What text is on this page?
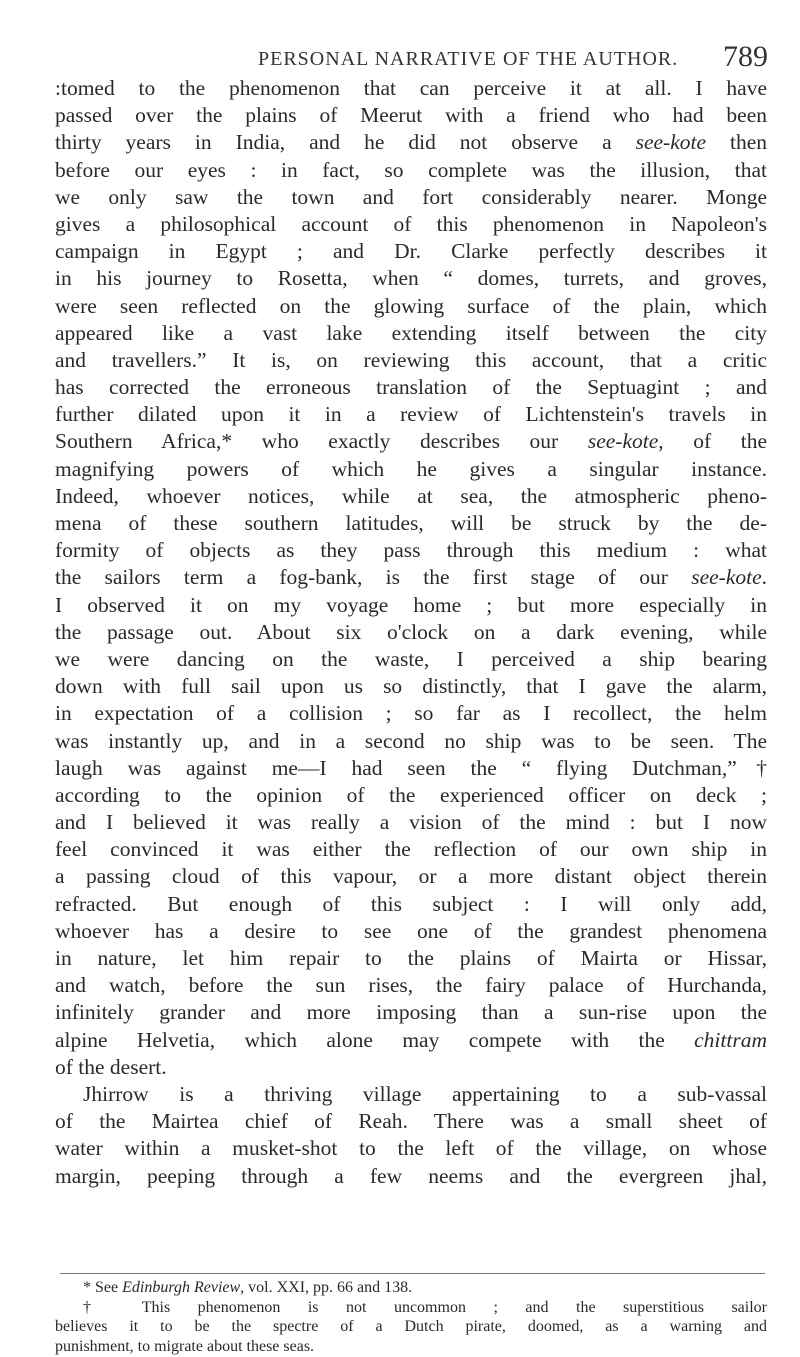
PERSONAL NARRATIVE OF THE AUTHOR. 789
:tomed to the phenomenon that can perceive it at all. I have
passed over the plains of Meerut with a friend who had been
thirty years in India, and he did not observe a see-kote then
before our eyes : in fact, so complete was the illusion, that
we only saw the town and fort considerably nearer. Monge
gives a philosophical account of this phenomenon in Napoleon's
campaign in Egypt ; and Dr. Clarke perfectly describes it
in his journey to Rosetta, when “ domes, turrets, and groves,
were seen reflected on the glowing surface of the plain, which
appeared like a vast lake extending itself between the city
and travellers.” It is, on reviewing this account, that a critic
has corrected the erroneous translation of the Septuagint ; and
further dilated upon it in a review of Lichtenstein's travels in
Southern Africa,* who exactly describes our see-kote, of the
magnifying powers of which he gives a singular instance.
Indeed, whoever notices, while at sea, the atmospheric pheno-
mena of these southern latitudes, will be struck by the de-
formity of objects as they pass through this medium : what
the sailors term a fog-bank, is the first stage of our see-kote.
I observed it on my voyage home ; but more especially in
the passage out. About six o'clock on a dark evening, while
we were dancing on the waste, I perceived a ship bearing
down with full sail upon us so distinctly, that I gave the alarm,
in expectation of a collision ; so far as I recollect, the helm
was instantly up, and in a second no ship was to be seen. The
laugh was against me—I had seen the “ flying Dutchman,”†
according to the opinion of the experienced officer on deck ;
and I believed it was really a vision of the mind : but I now
feel convinced it was either the reflection of our own ship in
a passing cloud of this vapour, or a more distant object therein
refracted. But enough of this subject : I will only add,
whoever has a desire to see one of the grandest phenomena
in nature, let him repair to the plains of Mairta or Hissar,
and watch, before the sun rises, the fairy palace of Hurchanda,
infinitely grander and more imposing than a sun-rise upon the
alpine Helvetia, which alone may compete with the chittram
of the desert.
Jhirrow is a thriving village appertaining to a sub-vassal
of the Mairtea chief of Reah. There was a small sheet of
water within a musket-shot to the left of the village, on whose
margin, peeping through a few neems and the evergreen jhal,
* See Edinburgh Review, vol. XXI, pp. 66 and 138.
† This phenomenon is not uncommon ; and the superstitious sailor
believes it to be the spectre of a Dutch pirate, doomed, as a warning and
punishment, to migrate about these seas.
